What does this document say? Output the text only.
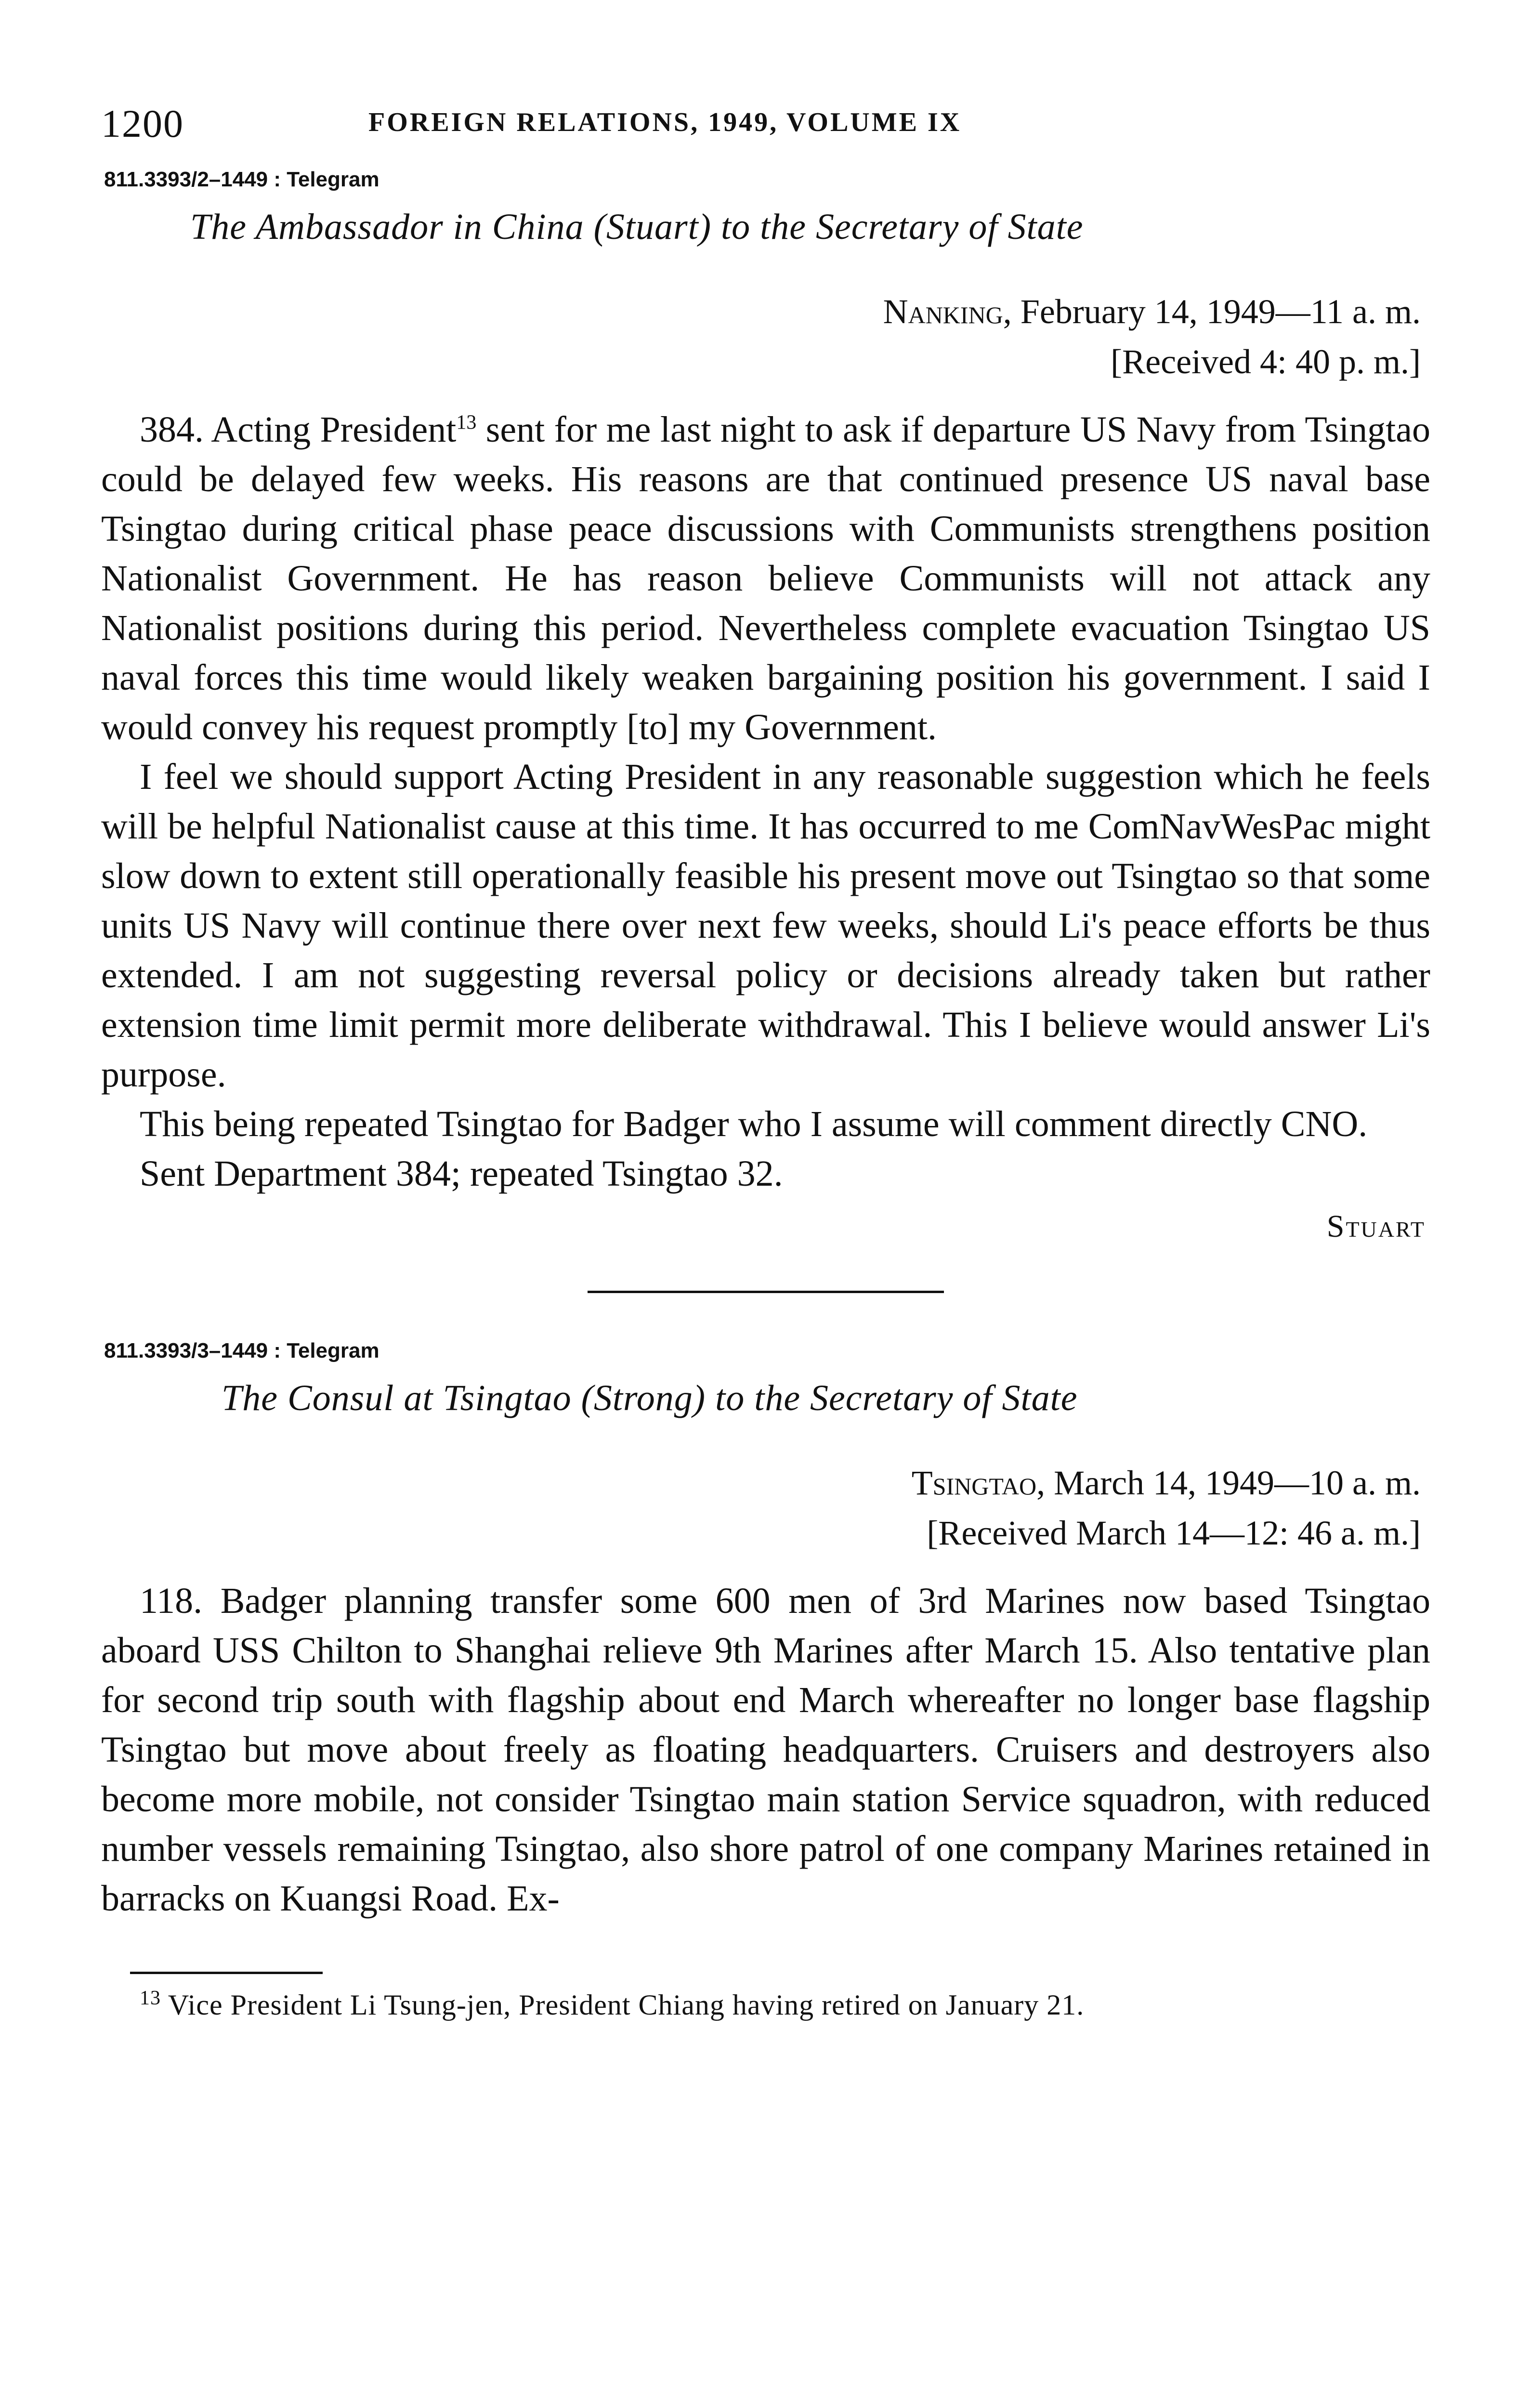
1200	FOREIGN RELATIONS, 1949, VOLUME IX
811.3393/2–1449 : Telegram
The Ambassador in China (Stuart) to the Secretary of State
Nanking, February 14, 1949—11 a. m.
[Received 4: 40 p. m.]

384. Acting President$^{13}$ sent for me last night to ask if departure US Navy from Tsingtao could be delayed few weeks. His reasons are that continued presence US naval base Tsingtao during critical phase peace discussions with Communists strengthens position Nationalist Government. He has reason believe Communists will not attack any Nationalist positions during this period. Nevertheless complete evacuation Tsingtao US naval forces this time would likely weaken bargaining position his government. I said I would convey his request promptly [to] my Government.

I feel we should support Acting President in any reasonable suggestion which he feels will be helpful Nationalist cause at this time. It has occurred to me ComNavWesPac might slow down to extent still operationally feasible his present move out Tsingtao so that some units US Navy will continue there over next few weeks, should Li's peace efforts be thus extended. I am not suggesting reversal policy or decisions already taken but rather extension time limit permit more deliberate withdrawal. This I believe would answer Li's purpose.

This being repeated Tsingtao for Badger who I assume will comment directly CNO.

Sent Department 384; repeated Tsingtao 32.

Stuart
811.3393/3–1449 : Telegram
The Consul at Tsingtao (Strong) to the Secretary of State
Tsingtao, March 14, 1949—10 a. m.
[Received March 14—12: 46 a. m.]

118. Badger planning transfer some 600 men of 3rd Marines now based Tsingtao aboard USS Chilton to Shanghai relieve 9th Marines after March 15. Also tentative plan for second trip south with flagship about end March whereafter no longer base flagship Tsingtao but move about freely as floating headquarters. Cruisers and destroyers also become more mobile, not consider Tsingtao main station Service squadron, with reduced number vessels remaining Tsingtao, also shore patrol of one company Marines retained in barracks on Kuangsi Road. Ex-

$^{13}$ Vice President Li Tsung-jen, President Chiang having retired on January 21.
